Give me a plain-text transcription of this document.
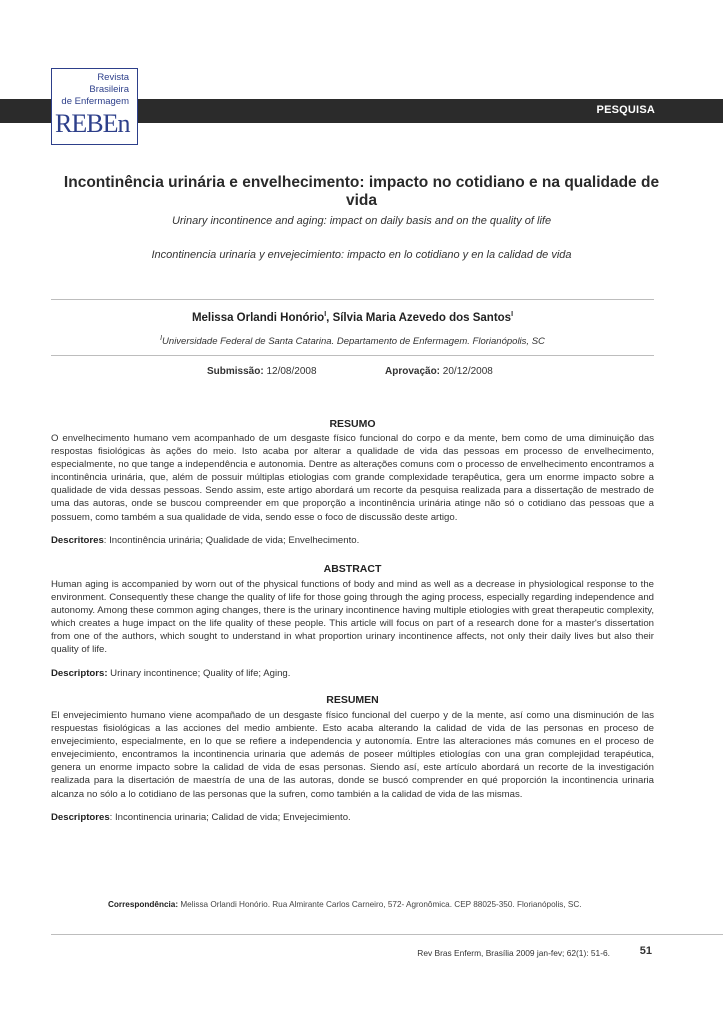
PESQUISA
Revista
Brasileira
de Enfermagem
REBEn
Incontinência urinária e envelhecimento: impacto no cotidiano e na qualidade de vida
Urinary incontinence and aging: impact on daily basis and on the quality of life
Incontinencia urinaria y envejecimiento: impacto en lo cotidiano y en la calidad de vida
Melissa Orlandi Honório$^I$, Sílvia Maria Azevedo dos Santos$^I$
$^I$Universidade Federal de Santa Catarina. Departamento de Enfermagem. Florianópolis, SC
Submissão: 12/08/2008	Aprovação: 20/12/2008
RESUMO
O envelhecimento humano vem acompanhado de um desgaste físico funcional do corpo e da mente, bem como de uma diminuição das respostas fisiológicas às ações do meio. Isto acaba por alterar a qualidade de vida das pessoas em processo de envelhecimento, especialmente, no que tange a independência e autonomia. Dentre as alterações comuns com o processo de envelhecimento encontramos a incontinência urinária, que, além de possuir múltiplas etiologias com grande complexidade terapêutica, gera um enorme impacto sobre a qualidade de vida dessas pessoas. Sendo assim, este artigo abordará um recorte da pesquisa realizada para a dissertação de mestrado de uma das autoras, onde se buscou compreender em que proporção a incontinência urinária atinge não só o cotidiano das pessoas que a possuem, como também a sua qualidade de vida, sendo esse o foco de discussão deste artigo.
Descritores: Incontinência urinária; Qualidade de vida; Envelhecimento.
ABSTRACT
Human aging is accompanied by worn out of the physical functions of body and mind as well as a decrease in physiological response to the environment. Consequently these change the quality of life for those going through the aging process, especially regarding independence and autonomy. Among these common aging changes, there is the urinary incontinence having multiple etiologies with great therapeutic complexity, which creates a huge impact on the life quality of these people. This article will focus on part of a research done for a master's dissertation from one of the authors, which sought to understand in what proportion urinary incontinence affects, not only their daily lives but also their quality of life.
Descriptors: Urinary incontinence; Quality of life; Aging.
RESUMEN
El envejecimiento humano viene acompañado de un desgaste físico funcional del cuerpo y de la mente, así como una disminución de las respuestas fisiológicas a las acciones del medio ambiente. Esto acaba alterando la calidad de vida de las personas en proceso de envejecimiento, especialmente, en lo que se refiere a independencia y autonomía. Entre las alteraciones más comunes en el proceso de envejecimiento, encontramos la incontinencia urinaria que además de poseer múltiples etiologías con una gran complejidad terapéutica, genera un enorme impacto sobre la calidad de vida de esas personas. Siendo así, este artículo abordará un recorte de la investigación realizada para la disertación de maestría de una de las autoras, donde se buscó comprender en qué proporción la incontinencia urinaria alcanza no sólo a lo cotidiano de las personas que la sufren, como también a la calidad de vida de las mismas.
Descriptores: Incontinencia urinaria; Calidad de vida; Envejecimiento.
Correspondência: Melissa Orlandi Honório. Rua Almirante Carlos Carneiro, 572- Agronômica. CEP 88025-350. Florianópolis, SC.
Rev Bras Enferm, Brasília 2009 jan-fev; 62(1): 51-6.	51
